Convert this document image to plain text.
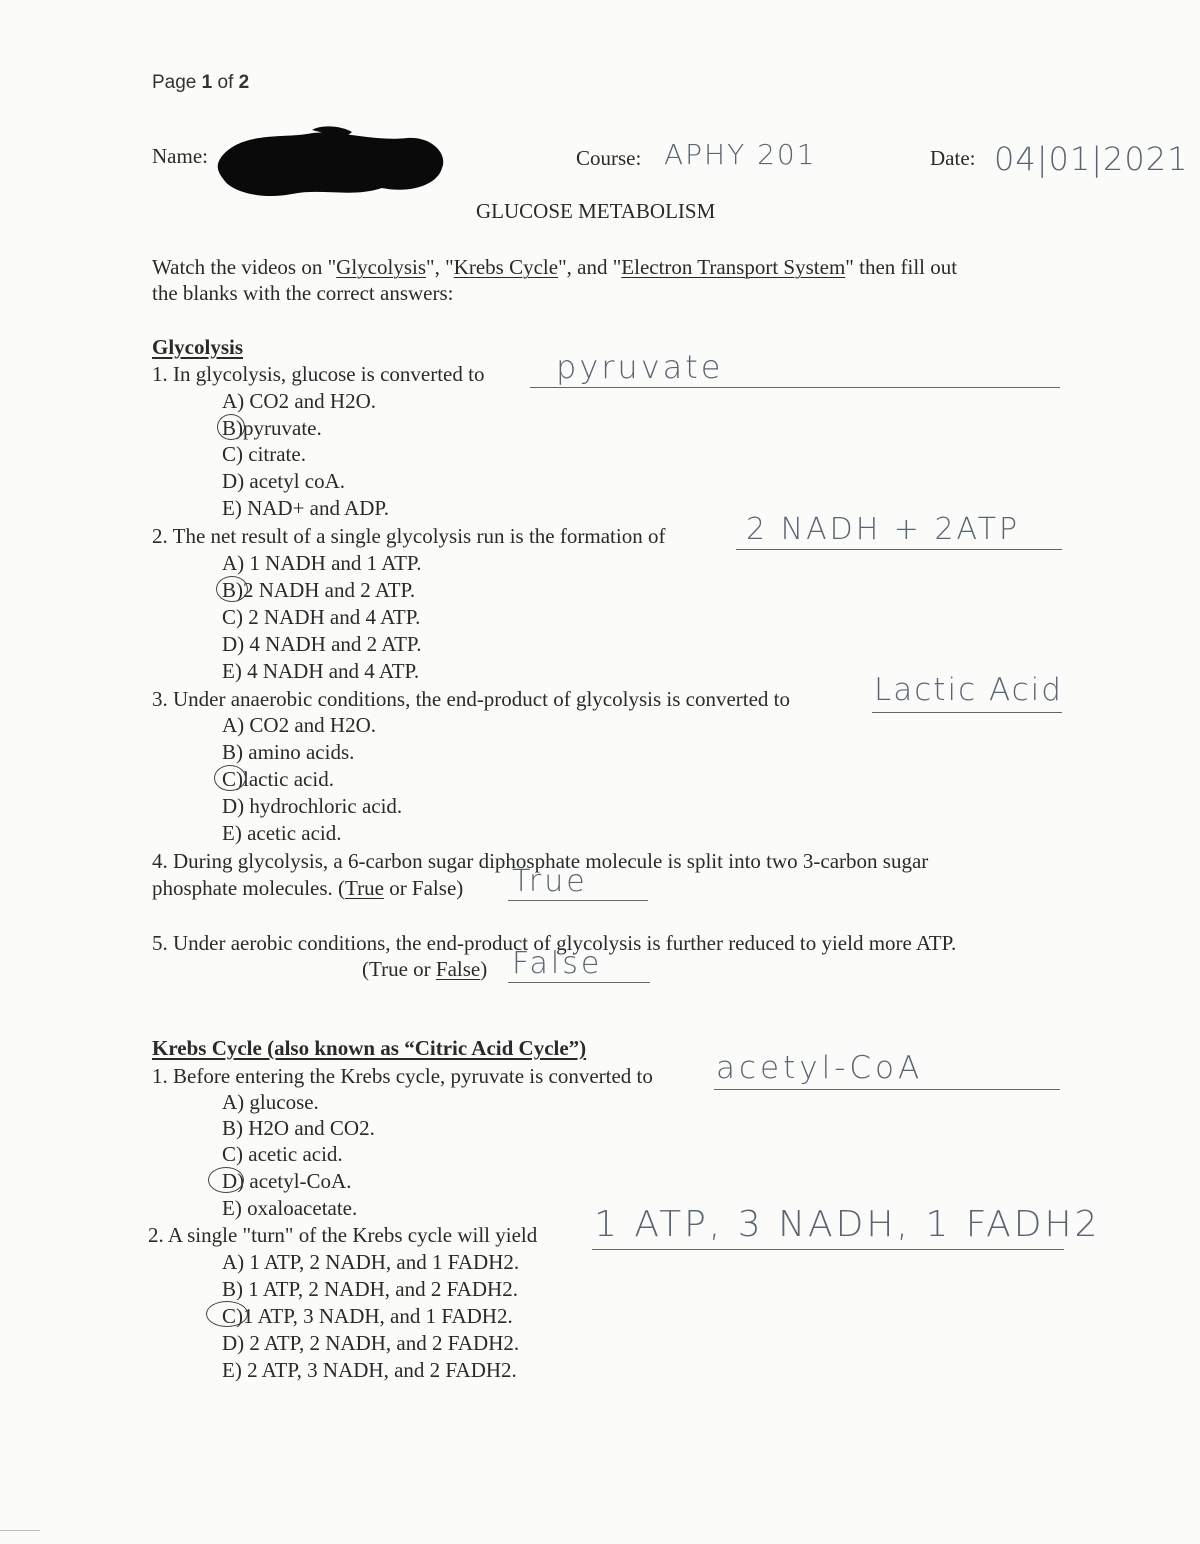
Page 1 of 2
Name:	Course: APHY 201	Date: 04|01|2021
GLUCOSE METABOLISM
Watch the videos on "Glycolysis", "Krebs Cycle", and "Electron Transport System" then fill out
the blanks with the correct answers:
Glycolysis
1. In glycolysis, glucose is converted to pyruvate
A) CO2 and H2O.
B)pyruvate.
C) citrate.
D) acetyl coA.
E) NAD+ and ADP.
2. The net result of a single glycolysis run is the formation of	2 NADH + 2ATP
A) 1 NADH and 1 ATP.
B)2 NADH and 2 ATP.
C) 2 NADH and 4 ATP.
D) 4 NADH and 2 ATP.
E) 4 NADH and 4 ATP.
3. Under anaerobic conditions, the end-product of glycolysis is converted to	Lactic Acid
A) CO2 and H2O.
B) amino acids.
C)lactic acid.
D) hydrochloric acid.
E) acetic acid.
4. During glycolysis, a 6-carbon sugar diphosphate molecule is split into two 3-carbon sugar
phosphate molecules. (True or False) True
5. Under aerobic conditions, the end-product of glycolysis is further reduced to yield more ATP.
(True or False) False
Krebs Cycle (also known as “Citric Acid Cycle”)
1. Before entering the Krebs cycle, pyruvate is converted to acetyl-CoA
A) glucose.
B) H2O and CO2.
C) acetic acid.
D) acetyl-CoA.
E) oxaloacetate.
2. A single "turn" of the Krebs cycle will yield 1 ATP, 3 NADH, 1 FADH2
A) 1 ATP, 2 NADH, and 1 FADH2.
B) 1 ATP, 2 NADH, and 2 FADH2.
C)1 ATP, 3 NADH, and 1 FADH2.
D) 2 ATP, 2 NADH, and 2 FADH2.
E) 2 ATP, 3 NADH, and 2 FADH2.
